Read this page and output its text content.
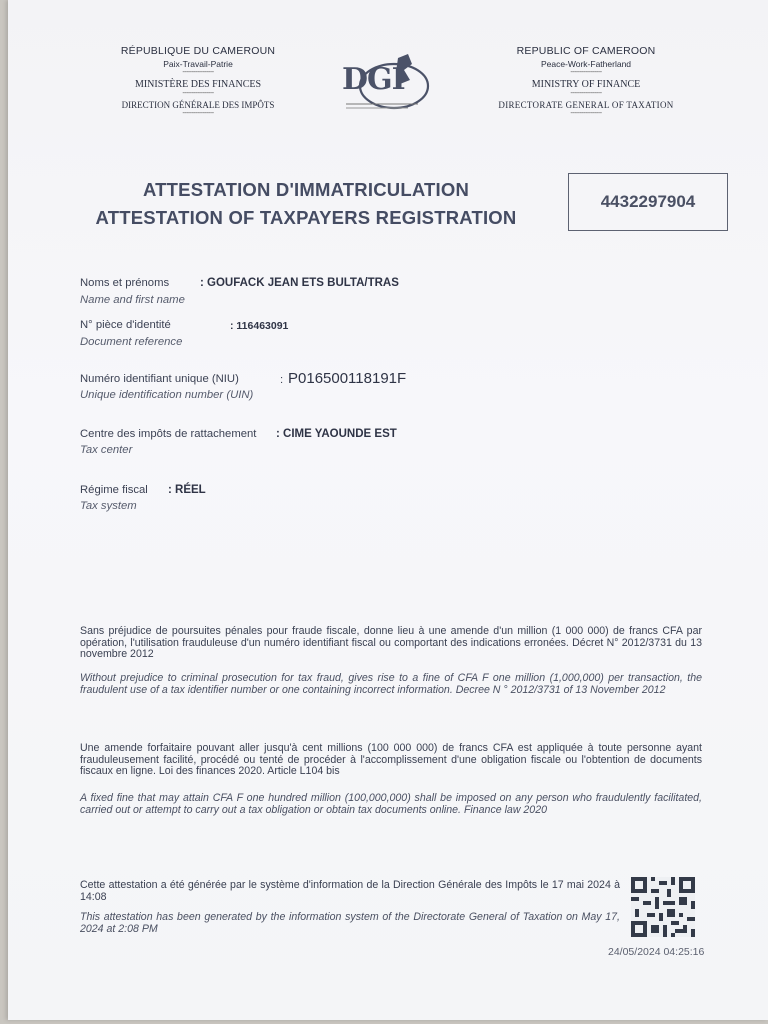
RÉPUBLIQUE DU CAMEROUN
Paix-Travail-Patrie
-----------------
MINISTÈRE DES FINANCES
-----------------
DIRECTION GÉNÉRALE DES IMPÔTS
-----------------
DGI
REPUBLIC OF CAMEROON
Peace-Work-Fatherland
-----------------
MINISTRY OF FINANCE
-----------------
DIRECTORATE GENERAL OF TAXATION
-----------------
ATTESTATION D'IMMATRICULATION
ATTESTATION OF TAXPAYERS REGISTRATION
4432297904
Noms et prénoms	: GOUFACK JEAN ETS BULTA/TRAS
Name and first name
N° pièce d'identité	: 116463091
Document reference
Numéro identifiant unique (NIU)	: P016500118191F
Unique identification number (UIN)
Centre des impôts de rattachement : CIME YAOUNDE EST
Tax center
Régime fiscal : RÉEL
Tax system
Sans préjudice de poursuites pénales pour fraude fiscale, donne lieu à une amende d'un million (1 000 000) de francs CFA par opération, l'utilisation frauduleuse d'un numéro identifiant fiscal ou comportant des indications erronées. Décret N° 2012/3731 du 13 novembre 2012
Without prejudice to criminal prosecution for tax fraud, gives rise to a fine of CFA F one million (1,000,000) per transaction, the fraudulent use of a tax identifier number or one containing incorrect information. Decree N ° 2012/3731 of 13 November 2012
Une amende forfaitaire pouvant aller jusqu'à cent millions (100 000 000) de francs CFA est appliquée à toute personne ayant frauduleusement facilité, procédé ou tenté de procéder à l'accomplissement d'une obligation fiscale ou l'obtention de documents fiscaux en ligne. Loi des finances 2020. Article L104 bis
A fixed fine that may attain CFA F one hundred million (100,000,000) shall be imposed on any person who fraudulently facilitated, carried out or attempt to carry out a tax obligation or obtain tax documents online. Finance law 2020
Cette attestation a été générée par le système d'information de la Direction Générale des Impôts le 17 mai 2024 à 14:08
This attestation has been generated by the information system of the Directorate General of Taxation on May 17, 2024 at 2:08 PM
24/05/2024 04:25:16
